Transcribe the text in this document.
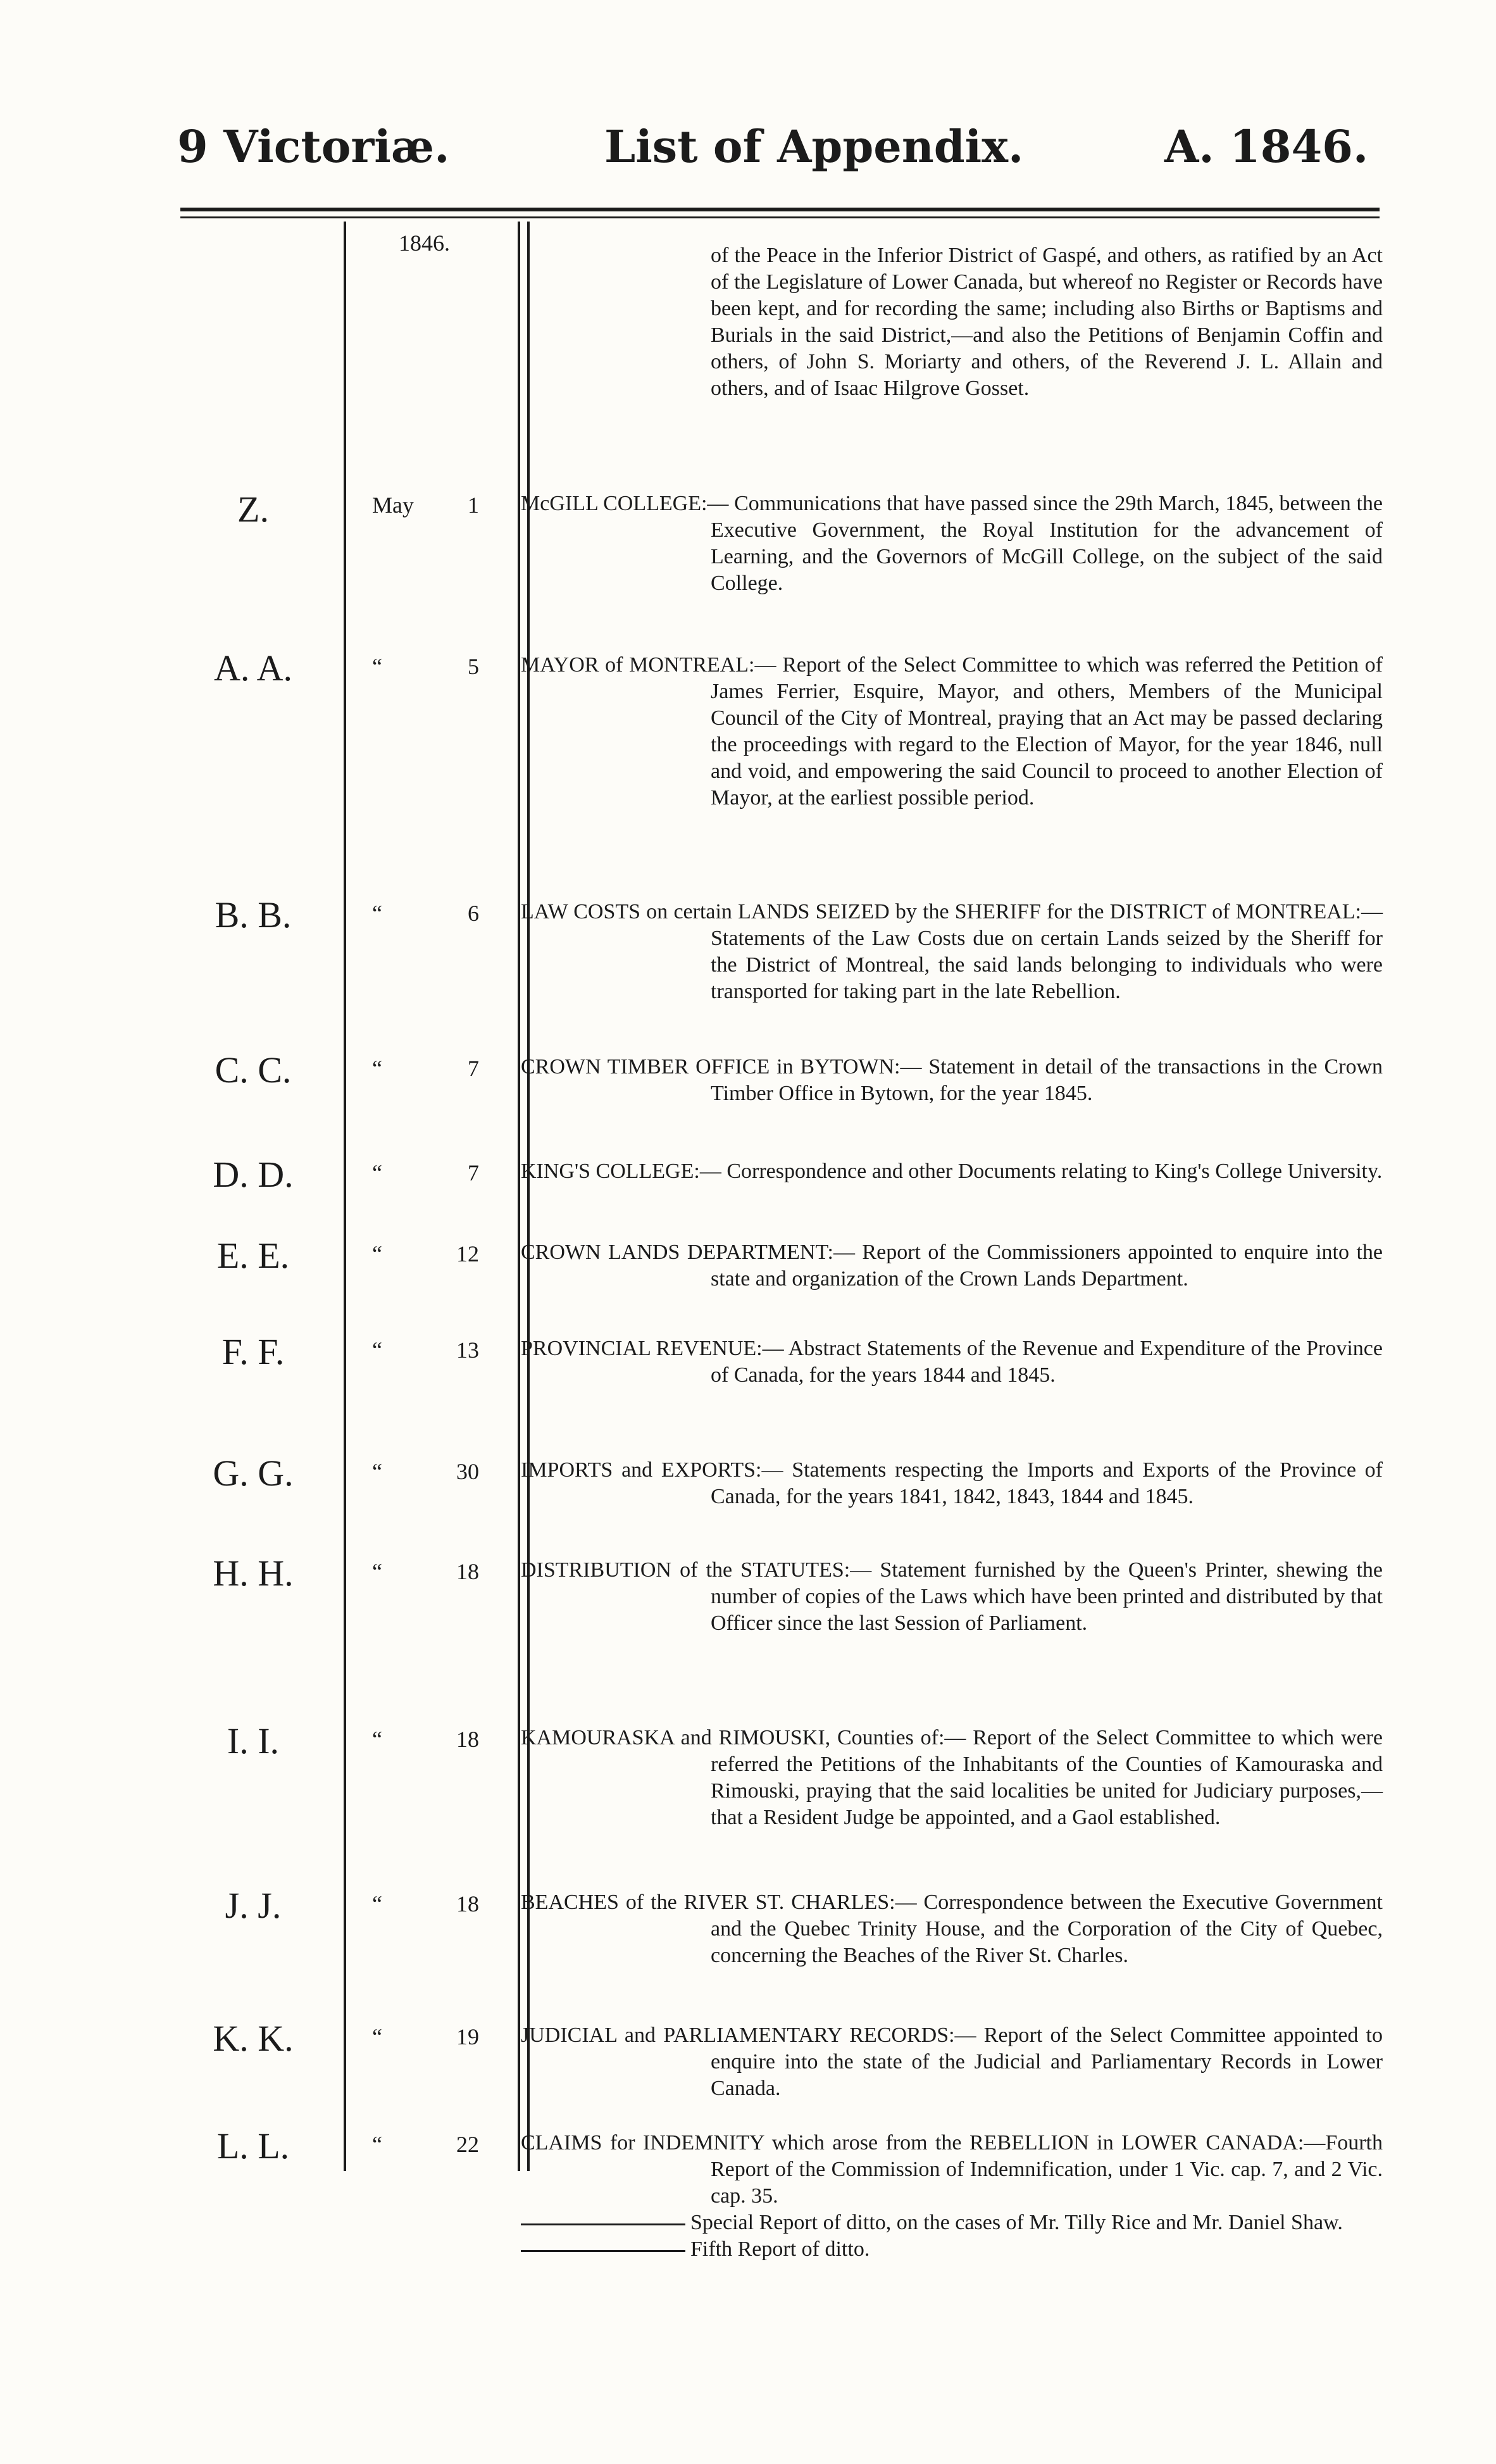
9 Victoriæ.	List of Appendix.	A. 1846.
1846.	of the Peace in the Inferior District of Gaspé, and others, as ratified by an Act of the Legislature of Lower Canada, but whereof no Register or Records have been kept, and for recording the same; including also Births or Baptisms and Burials in the said District,—and also the Petitions of Benjamin Coffin and others, of John S. Moriarty and others, of the Reverend J. L. Allain and others, and of Isaac Hilgrove Gosset.
Z.	May	1 McGILL COLLEGE:— Communications that have passed since the 29th March, 1845, between the Executive Government, the Royal Institution for the advancement of Learning, and the Governors of McGill College, on the subject of the said College.
A. A.	“	5 MAYOR of MONTREAL:— Report of the Select Committee to which was referred the Petition of James Ferrier, Esquire, Mayor, and others, Members of the Municipal Council of the City of Montreal, praying that an Act may be passed declaring the proceedings with regard to the Election of Mayor, for the year 1846, null and void, and empowering the said Council to proceed to another Election of Mayor, at the earliest possible period.
B. B.	“	6 LAW COSTS on certain LANDS SEIZED by the SHERIFF for the DISTRICT of MONTREAL:—Statements of the Law Costs due on certain Lands seized by the Sheriff for the District of Montreal, the said lands belonging to individuals who were transported for taking part in the late Rebellion.
C. C.	“	7 CROWN TIMBER OFFICE in BYTOWN:— Statement in detail of the transactions in the Crown Timber Office in Bytown, for the year 1845.
D. D.	“	7 KING'S COLLEGE:— Correspondence and other Documents relating to King's College University.
E. E.	“	12 CROWN LANDS DEPARTMENT:— Report of the Commissioners appointed to enquire into the state and organization of the Crown Lands Department.
F. F.	“	13 PROVINCIAL REVENUE:— Abstract Statements of the Revenue and Expenditure of the Province of Canada, for the years 1844 and 1845.
G. G.	“	30 IMPORTS and EXPORTS:— Statements respecting the Imports and Exports of the Province of Canada, for the years 1841, 1842, 1843, 1844 and 1845.
H. H.	“	18 DISTRIBUTION of the STATUTES:— Statement furnished by the Queen's Printer, shewing the number of copies of the Laws which have been printed and distributed by that Officer since the last Session of Parliament.
I. I.	“	18 KAMOURASKA and RIMOUSKI, Counties of:— Report of the Select Committee to which were referred the Petitions of the Inhabitants of the Counties of Kamouraska and Rimouski, praying that the said localities be united for Judiciary purposes,—that a Resident Judge be appointed, and a Gaol established.
J. J.	“	18 BEACHES of the RIVER ST. CHARLES:— Correspondence between the Executive Government and the Quebec Trinity House, and the Corporation of the City of Quebec, concerning the Beaches of the River St. Charles.
K. K.	“	19 JUDICIAL and PARLIAMENTARY RECORDS:— Report of the Select Committee appointed to enquire into the state of the Judicial and Parliamentary Records in Lower Canada.
L. L.	“	22 CLAIMS for INDEMNITY which arose from the REBELLION in LOWER CANADA:—Fourth Report of the Commission of Indemnification, under 1 Vic. cap. 7, and 2 Vic. cap. 35.
Special Report of ditto, on the cases of Mr. Tilly Rice and Mr. Daniel Shaw.
Fifth Report of ditto.
